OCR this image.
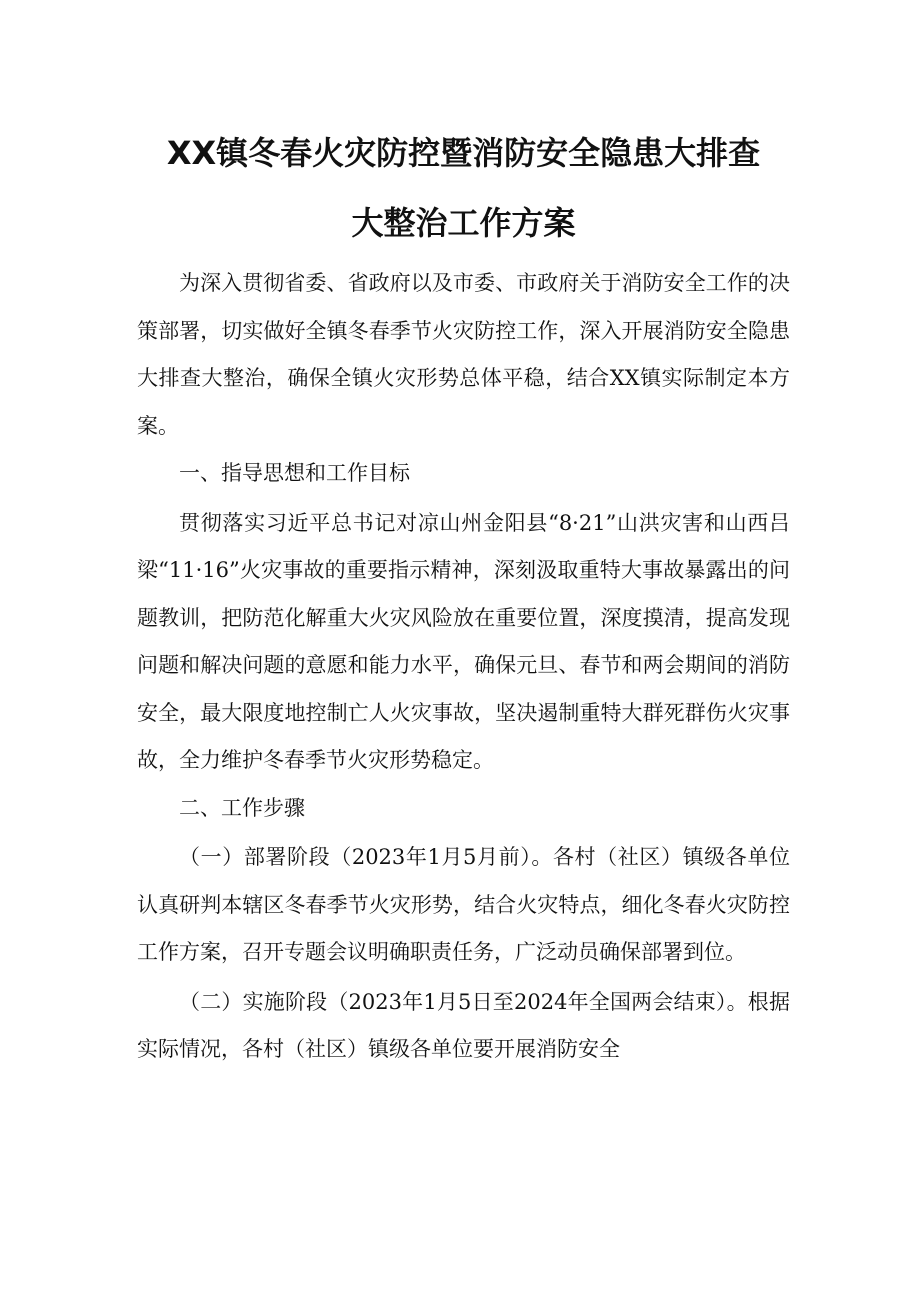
XX镇冬春火灾防控暨消防安全隐患大排查
大整治工作方案

为深入贯彻省委、省政府以及市委、市政府关于消防安全工作的决策部署，切实做好全镇冬春季节火灾防控工作，深入开展消防安全隐患大排查大整治，确保全镇火灾形势总体平稳，结合XX镇实际制定本方案。

一、指导思想和工作目标

贯彻落实习近平总书记对凉山州金阳县“8·21”山洪灾害和山西吕梁“11·16”火灾事故的重要指示精神，深刻汲取重特大事故暴露出的问题教训，把防范化解重大火灾风险放在重要位置，深度摸清，提高发现问题和解决问题的意愿和能力水平，确保元旦、春节和两会期间的消防安全，最大限度地控制亡人火灾事故，坚决遏制重特大群死群伤火灾事故，全力维护冬春季节火灾形势稳定。

二、工作步骤

（一）部署阶段（2023年1月5月前）。各村（社区）镇级各单位认真研判本辖区冬春季节火灾形势，结合火灾特点，细化冬春火灾防控工作方案，召开专题会议明确职责任务，广泛动员确保部署到位。

（二）实施阶段（2023年1月5日至2024年全国两会结束）。根据实际情况，各村（社区）镇级各单位要开展消防安全
